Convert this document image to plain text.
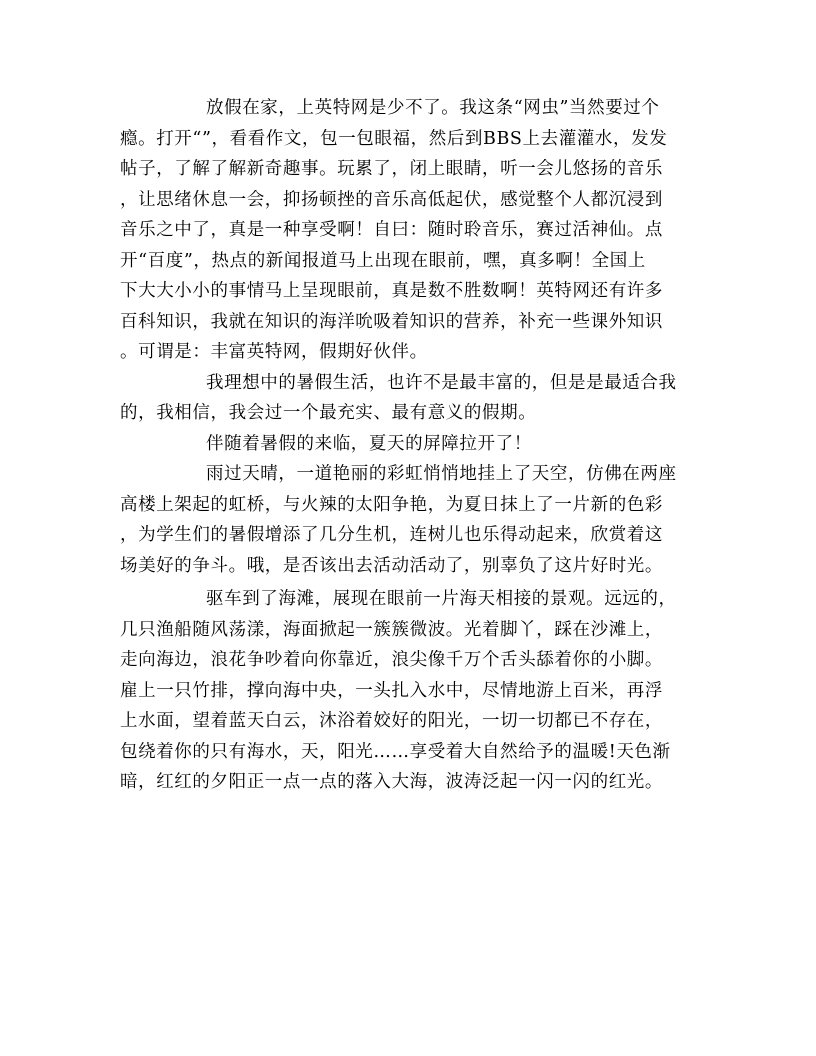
放假在家，上英特网是少不了。我这条“网虫”当然要过个
瘾。打开“”，看看作文，包一包眼福，然后到BBS上去灌灌水，发发
帖子，了解了解新奇趣事。玩累了，闭上眼睛，听一会儿悠扬的音乐
，让思绪休息一会，抑扬顿挫的音乐高低起伏，感觉整个人都沉浸到
音乐之中了，真是一种享受啊！自曰：随时聆音乐，赛过活神仙。点
开“百度”，热点的新闻报道马上出现在眼前，嘿，真多啊！全国上
下大大小小的事情马上呈现眼前，真是数不胜数啊！英特网还有许多
百科知识，我就在知识的海洋吮吸着知识的营养，补充一些课外知识
。可谓是：丰富英特网，假期好伙伴。
我理想中的暑假生活，也许不是最丰富的，但是是最适合我
的，我相信，我会过一个最充实、最有意义的假期。
伴随着暑假的来临，夏天的屏障拉开了！
雨过天晴，一道艳丽的彩虹悄悄地挂上了天空，仿佛在两座
高楼上架起的虹桥，与火辣的太阳争艳，为夏日抹上了一片新的色彩
，为学生们的暑假增添了几分生机，连树儿也乐得动起来，欣赏着这
场美好的争斗。哦，是否该出去活动活动了，别辜负了这片好时光。
驱车到了海滩，展现在眼前一片海天相接的景观。远远的，
几只渔船随风荡漾，海面掀起一簇簇微波。光着脚丫，踩在沙滩上，
走向海边，浪花争吵着向你靠近，浪尖像千万个舌头舔着你的小脚。
雇上一只竹排，撑向海中央，一头扎入水中，尽情地游上百米，再浮
上水面，望着蓝天白云，沐浴着姣好的阳光，一切一切都已不存在，
包绕着你的只有海水，天，阳光……享受着大自然给予的温暖!天色渐
暗，红红的夕阳正一点一点的落入大海，波涛泛起一闪一闪的红光。
